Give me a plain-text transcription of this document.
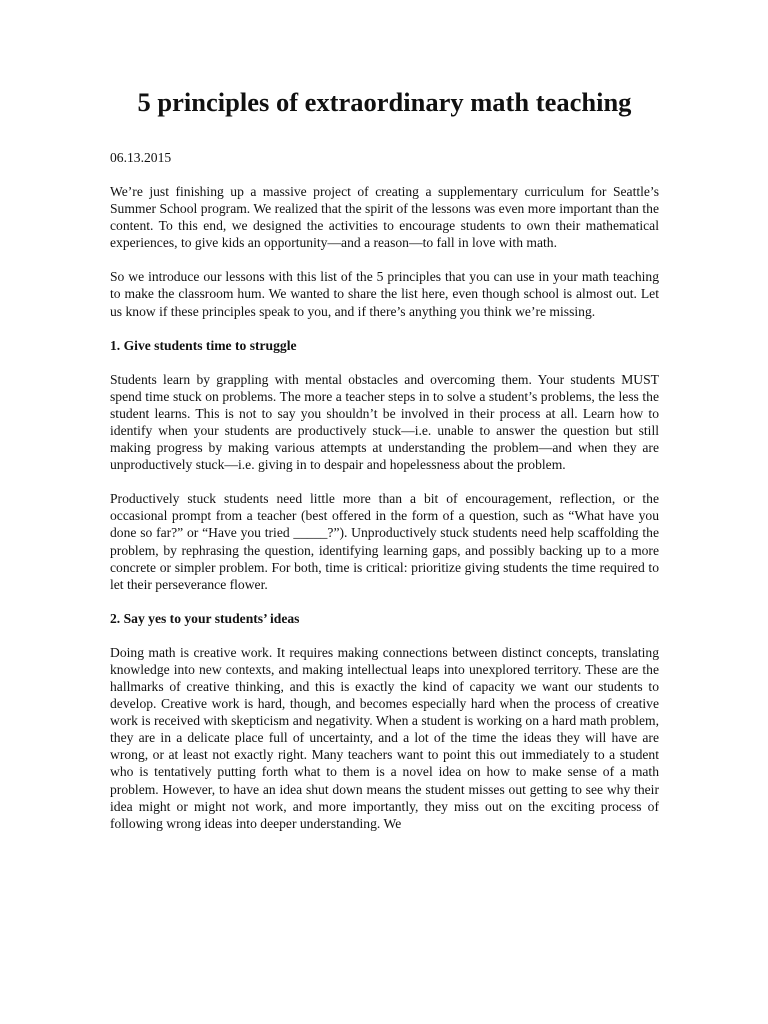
5 principles of extraordinary math teaching
06.13.2015

We’re just finishing up a massive project of creating a supplementary curriculum for Seattle’s Summer School program. We realized that the spirit of the lessons was even more important than the content. To this end, we designed the activities to encourage students to own their mathematical experiences, to give kids an opportunity—and a reason—to fall in love with math.

So we introduce our lessons with this list of the 5 principles that you can use in your math teaching to make the classroom hum. We wanted to share the list here, even though school is almost out. Let us know if these principles speak to you, and if there’s anything you think we’re missing.

1. Give students time to struggle

Students learn by grappling with mental obstacles and overcoming them. Your students MUST spend time stuck on problems. The more a teacher steps in to solve a student’s problems, the less the student learns. This is not to say you shouldn’t be involved in their process at all. Learn how to identify when your students are productively stuck—i.e. unable to answer the question but still making progress by making various attempts at understanding the problem—and when they are unproductively stuck—i.e. giving in to despair and hopelessness about the problem.

Productively stuck students need little more than a bit of encouragement, reflection, or the occasional prompt from a teacher (best offered in the form of a question, such as “What have you done so far?” or “Have you tried _____?”). Unproductively stuck students need help scaffolding the problem, by rephrasing the question, identifying learning gaps, and possibly backing up to a more concrete or simpler problem. For both, time is critical: prioritize giving students the time required to let their perseverance flower.

2. Say yes to your students’ ideas

Doing math is creative work. It requires making connections between distinct concepts, translating knowledge into new contexts, and making intellectual leaps into unexplored territory. These are the hallmarks of creative thinking, and this is exactly the kind of capacity we want our students to develop. Creative work is hard, though, and becomes especially hard when the process of creative work is received with skepticism and negativity. When a student is working on a hard math problem, they are in a delicate place full of uncertainty, and a lot of the time the ideas they will have are wrong, or at least not exactly right. Many teachers want to point this out immediately to a student who is tentatively putting forth what to them is a novel idea on how to make sense of a math problem. However, to have an idea shut down means the student misses out getting to see why their idea might or might not work, and more importantly, they miss out on the exciting process of following wrong ideas into deeper understanding. We
